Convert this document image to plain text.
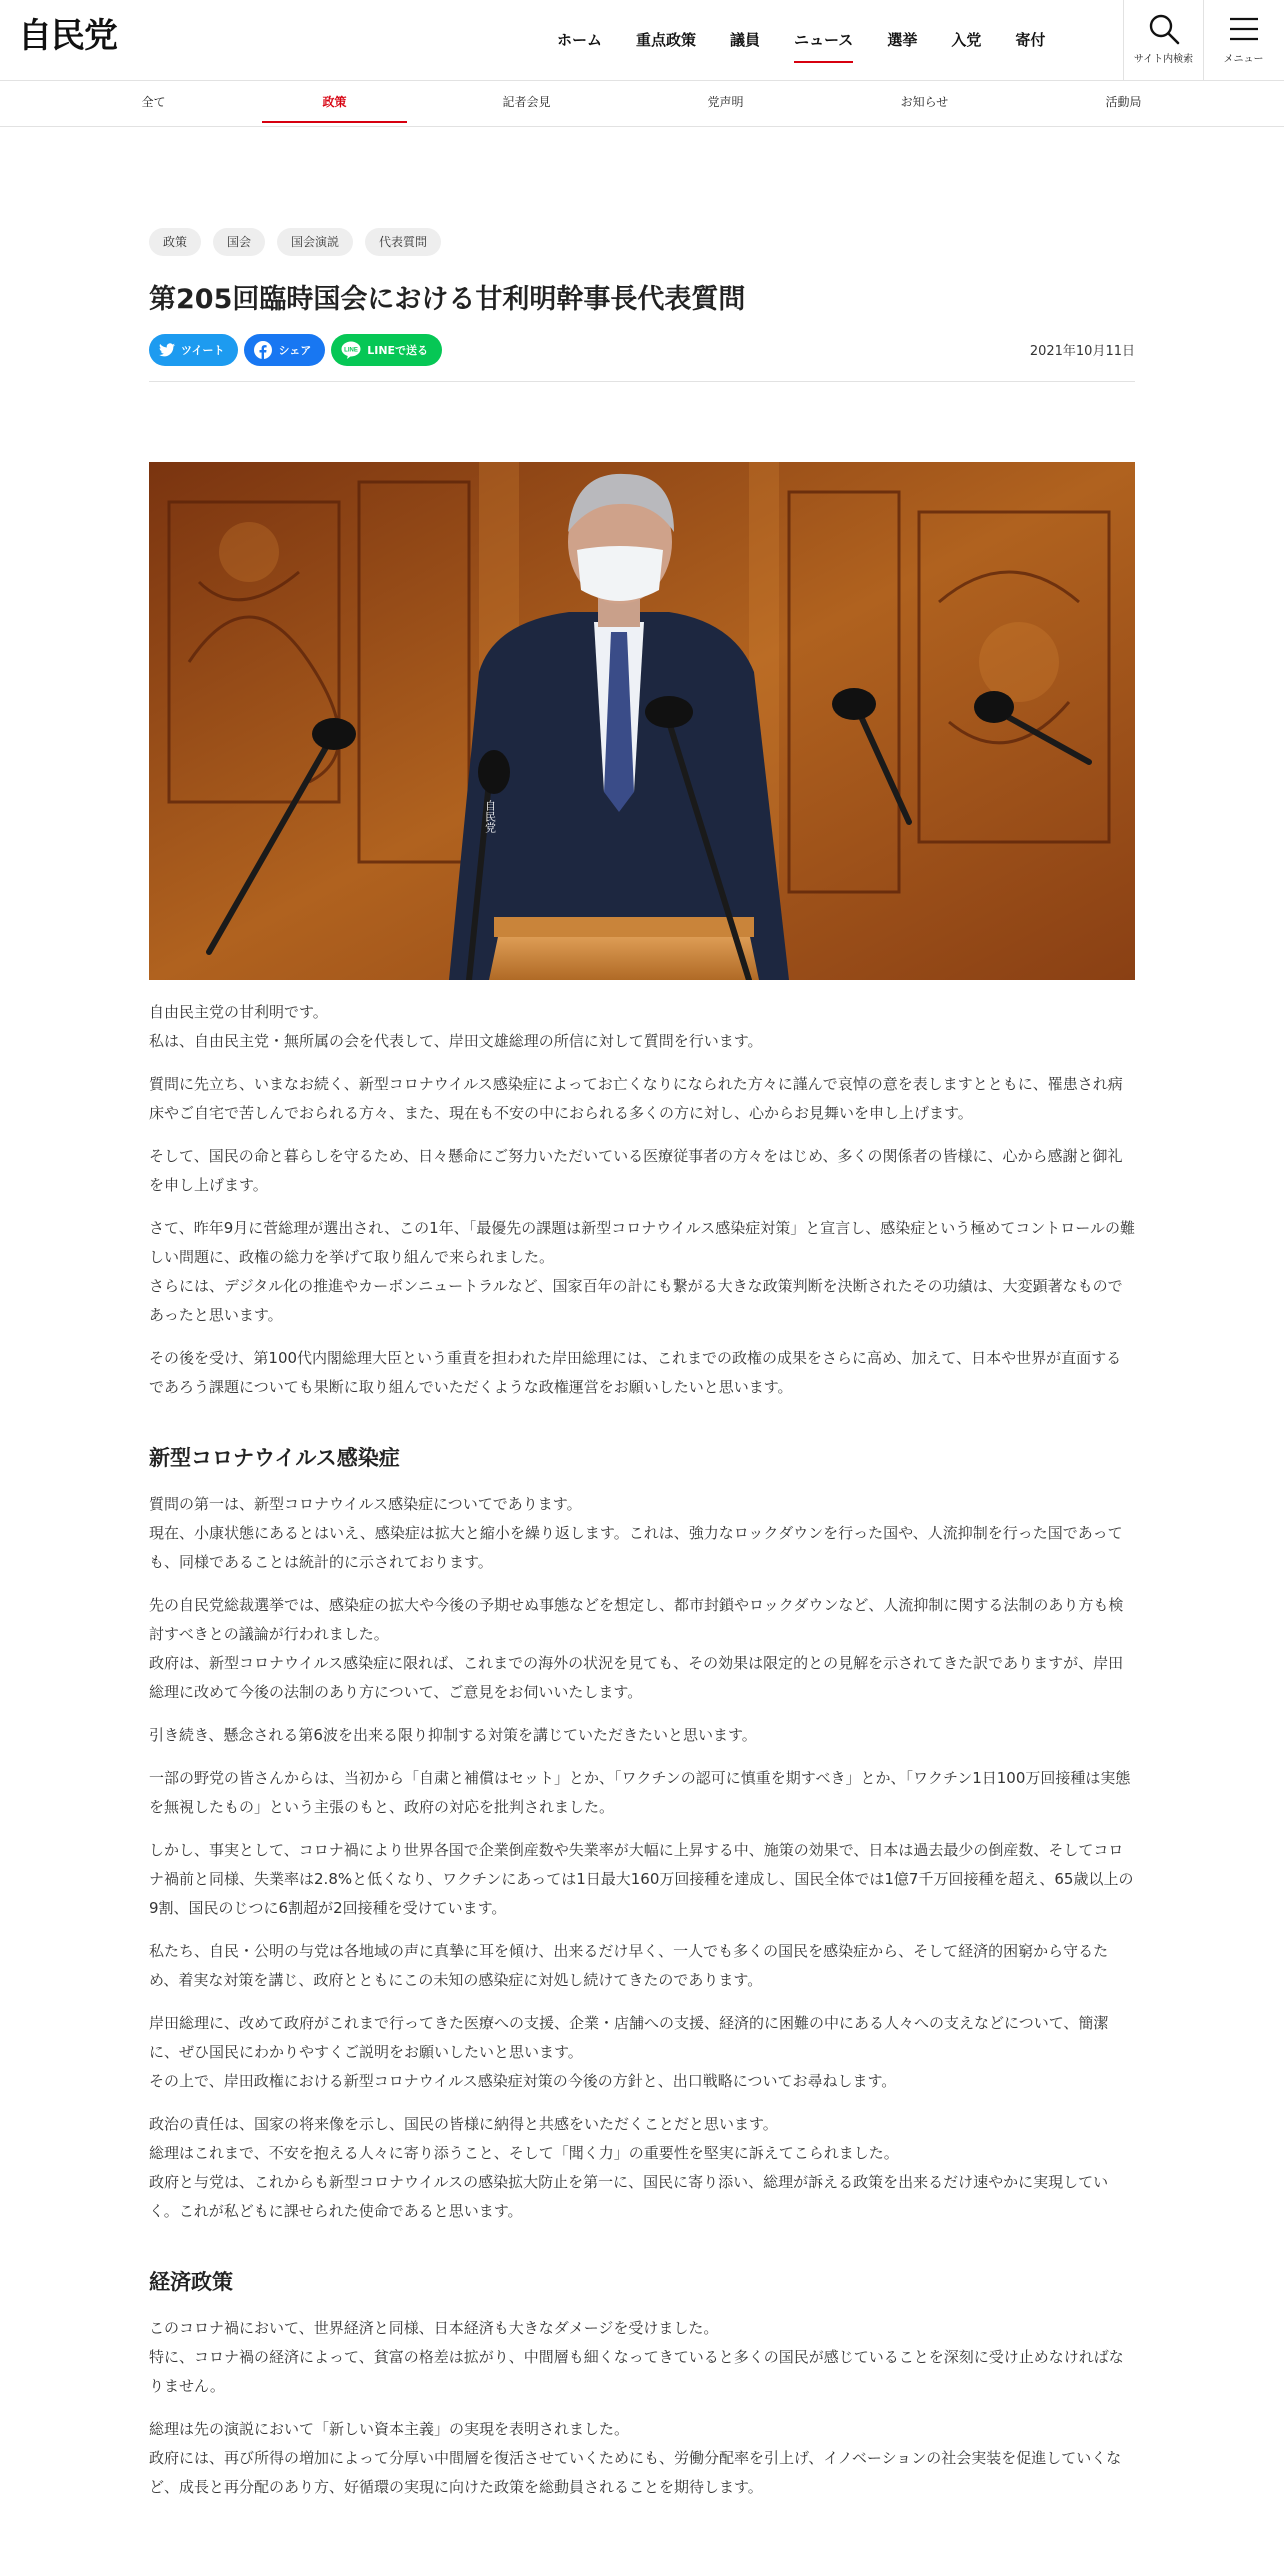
自民党	ホーム	重点政策	議員	ニュース	選挙	入党	寄付
サイト内検索	メニュー
全て	政策	記者会見	党声明	お知らせ	活動局
政策	国会	国会演説	代表質問
第205回臨時国会における甘利明幹事長代表質問
ツイート	シェア	LINE LINEで送る	2021年10月11日
自民党

自由民主党の甘利明です。
私は、自由民主党・無所属の会を代表して、岸田文雄総理の所信に対して質問を行います。

質問に先立ち、いまなお続く、新型コロナウイルス感染症によってお亡くなりになられた方々に謹んで哀悼の意を表しますとともに、罹患され病床やご自宅で苦しんでおられる方々、また、現在も不安の中におられる多くの方に対し、心からお見舞いを申し上げます。

そして、国民の命と暮らしを守るため、日々懸命にご努力いただいている医療従事者の方々をはじめ、多くの関係者の皆様に、心から感謝と御礼を申し上げます。

さて、昨年9月に菅総理が選出され、この1年、「最優先の課題は新型コロナウイルス感染症対策」と宣言し、感染症という極めてコントロールの難しい問題に、政権の総力を挙げて取り組んで来られました。
さらには、デジタル化の推進やカーボンニュートラルなど、国家百年の計にも繋がる大きな政策判断を決断されたその功績は、大変顕著なものであったと思います。

その後を受け、第100代内閣総理大臣という重責を担われた岸田総理には、これまでの政権の成果をさらに高め、加えて、日本や世界が直面するであろう課題についても果断に取り組んでいただくような政権運営をお願いしたいと思います。

新型コロナウイルス感染症

質問の第一は、新型コロナウイルス感染症についてであります。
現在、小康状態にあるとはいえ、感染症は拡大と縮小を繰り返します。これは、強力なロックダウンを行った国や、人流抑制を行った国であっても、同様であることは統計的に示されております。

先の自民党総裁選挙では、感染症の拡大や今後の予期せぬ事態などを想定し、都市封鎖やロックダウンなど、人流抑制に関する法制のあり方も検討すべきとの議論が行われました。
政府は、新型コロナウイルス感染症に限れば、これまでの海外の状況を見ても、その効果は限定的との見解を示されてきた訳でありますが、岸田総理に改めて今後の法制のあり方について、ご意見をお伺いいたします。

引き続き、懸念される第6波を出来る限り抑制する対策を講じていただきたいと思います。

一部の野党の皆さんからは、当初から「自粛と補償はセット」とか、「ワクチンの認可に慎重を期すべき」とか、「ワクチン1日100万回接種は実態を無視したもの」という主張のもと、政府の対応を批判されました。

しかし、事実として、コロナ禍により世界各国で企業倒産数や失業率が大幅に上昇する中、施策の効果で、日本は過去最少の倒産数、そしてコロナ禍前と同様、失業率は2.8%と低くなり、ワクチンにあっては1日最大160万回接種を達成し、国民全体では1億7千万回接種を超え、65歳以上の9割、国民のじつに6割超が2回接種を受けています。

私たち、自民・公明の与党は各地域の声に真摯に耳を傾け、出来るだけ早く、一人でも多くの国民を感染症から、そして経済的困窮から守るため、着実な対策を講じ、政府とともにこの未知の感染症に対処し続けてきたのであります。

岸田総理に、改めて政府がこれまで行ってきた医療への支援、企業・店舗への支援、経済的に困難の中にある人々への支えなどについて、簡潔に、ぜひ国民にわかりやすくご説明をお願いしたいと思います。
その上で、岸田政権における新型コロナウイルス感染症対策の今後の方針と、出口戦略についてお尋ねします。

政治の責任は、国家の将来像を示し、国民の皆様に納得と共感をいただくことだと思います。
総理はこれまで、不安を抱える人々に寄り添うこと、そして「聞く力」の重要性を堅実に訴えてこられました。
政府と与党は、これからも新型コロナウイルスの感染拡大防止を第一に、国民に寄り添い、総理が訴える政策を出来るだけ速やかに実現していく。これが私どもに課せられた使命であると思います。

経済政策

このコロナ禍において、世界経済と同様、日本経済も大きなダメージを受けました。
特に、コロナ禍の経済によって、貧富の格差は拡がり、中間層も細くなってきていると多くの国民が感じていることを深刻に受け止めなければなりません。

総理は先の演説において「新しい資本主義」の実現を表明されました。
政府には、再び所得の増加によって分厚い中間層を復活させていくためにも、労働分配率を引上げ、イノベーションの社会実装を促進していくなど、成長と再分配のあり方、好循環の実現に向けた政策を総動員されることを期待します。
